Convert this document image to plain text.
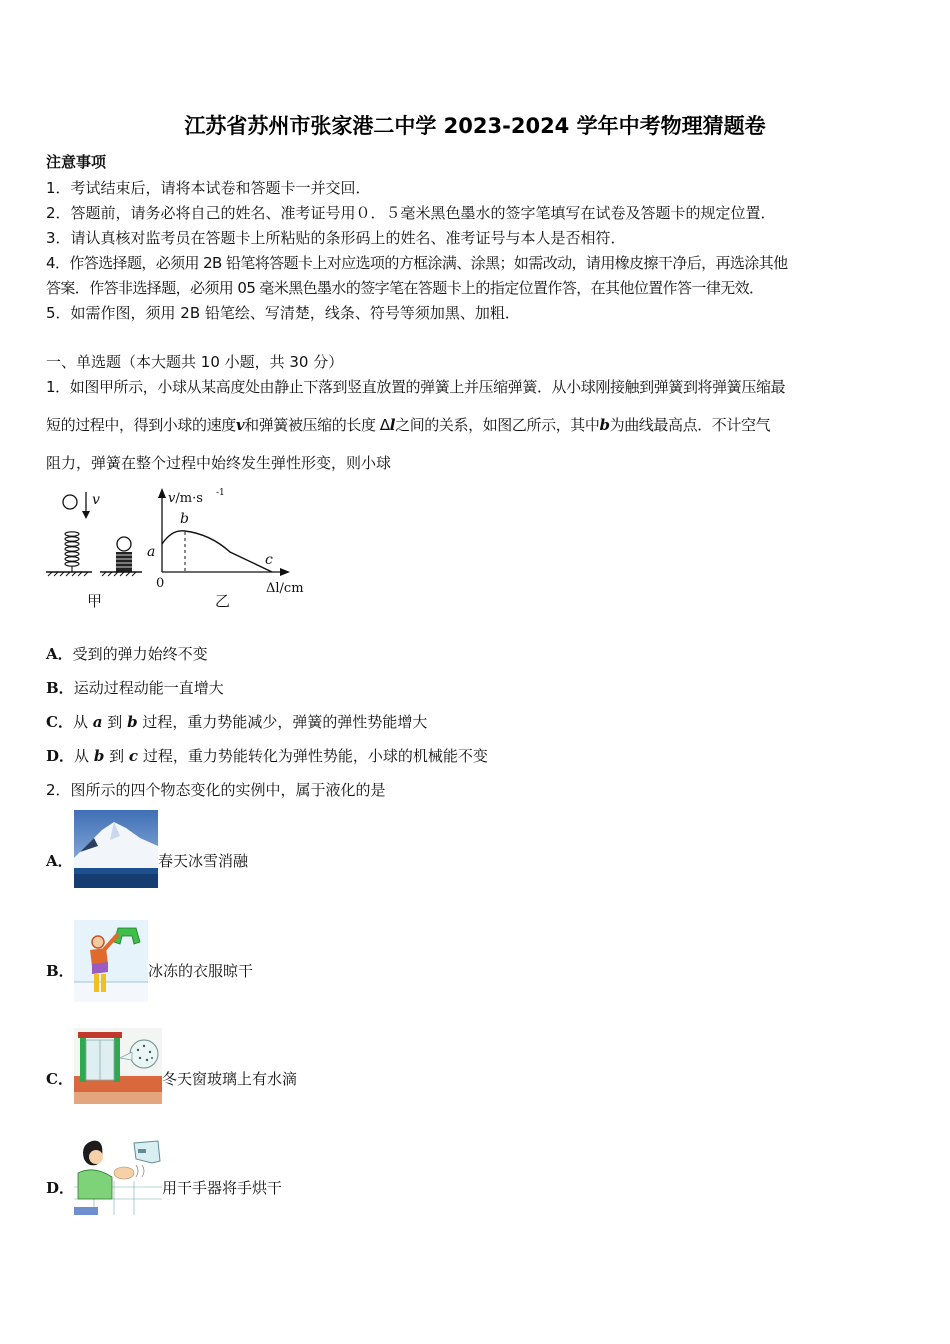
江苏省苏州市张家港二中学 2023-2024 学年中考物理猜题卷
注意事项
1．考试结束后，请将本试卷和答题卡一并交回．
2．答题前，请务必将自己的姓名、准考证号用０．５毫米黑色墨水的签字笔填写在试卷及答题卡的规定位置．
3．请认真核对监考员在答题卡上所粘贴的条形码上的姓名、准考证号与本人是否相符．
4．作答选择题，必须用 2B 铅笔将答题卡上对应选项的方框涂满、涂黑；如需改动，请用橡皮擦干净后，再选涂其他
答案．作答非选择题，必须用 05 毫米黑色墨水的签字笔在答题卡上的指定位置作答，在其他位置作答一律无效．
5．如需作图，须用 2B 铅笔绘、写清楚，线条、符号等须加黑、加粗．
一、单选题（本大题共 10 小题，共 30 分）
1．如图甲所示，小球从某高度处由静止下落到竖直放置的弹簧上并压缩弹簧．从小球刚接触到弹簧到将弹簧压缩最
短的过程中，得到小球的速度v和弹簧被压缩的长度 Δl之间的关系，如图乙所示，其中b为曲线最高点．不计空气
阻力，弹簧在整个过程中始终发生弹性形变，则小球
v
甲
v/m·s -1
0	Δl/cm
a
b
c
乙
A．受到的弹力始终不变
B．运动过程动能一直增大
C．从 a 到 b 过程，重力势能减少，弹簧的弹性势能增大
D．从 b 到 c 过程，重力势能转化为弹性势能，小球的机械能不变
2．图所示的四个物态变化的实例中，属于液化的是
A．	春天冰雪消融
B．	冰冻的衣服晾干
C．	冬天窗玻璃上有水滴
D．	用干手器将手烘干
